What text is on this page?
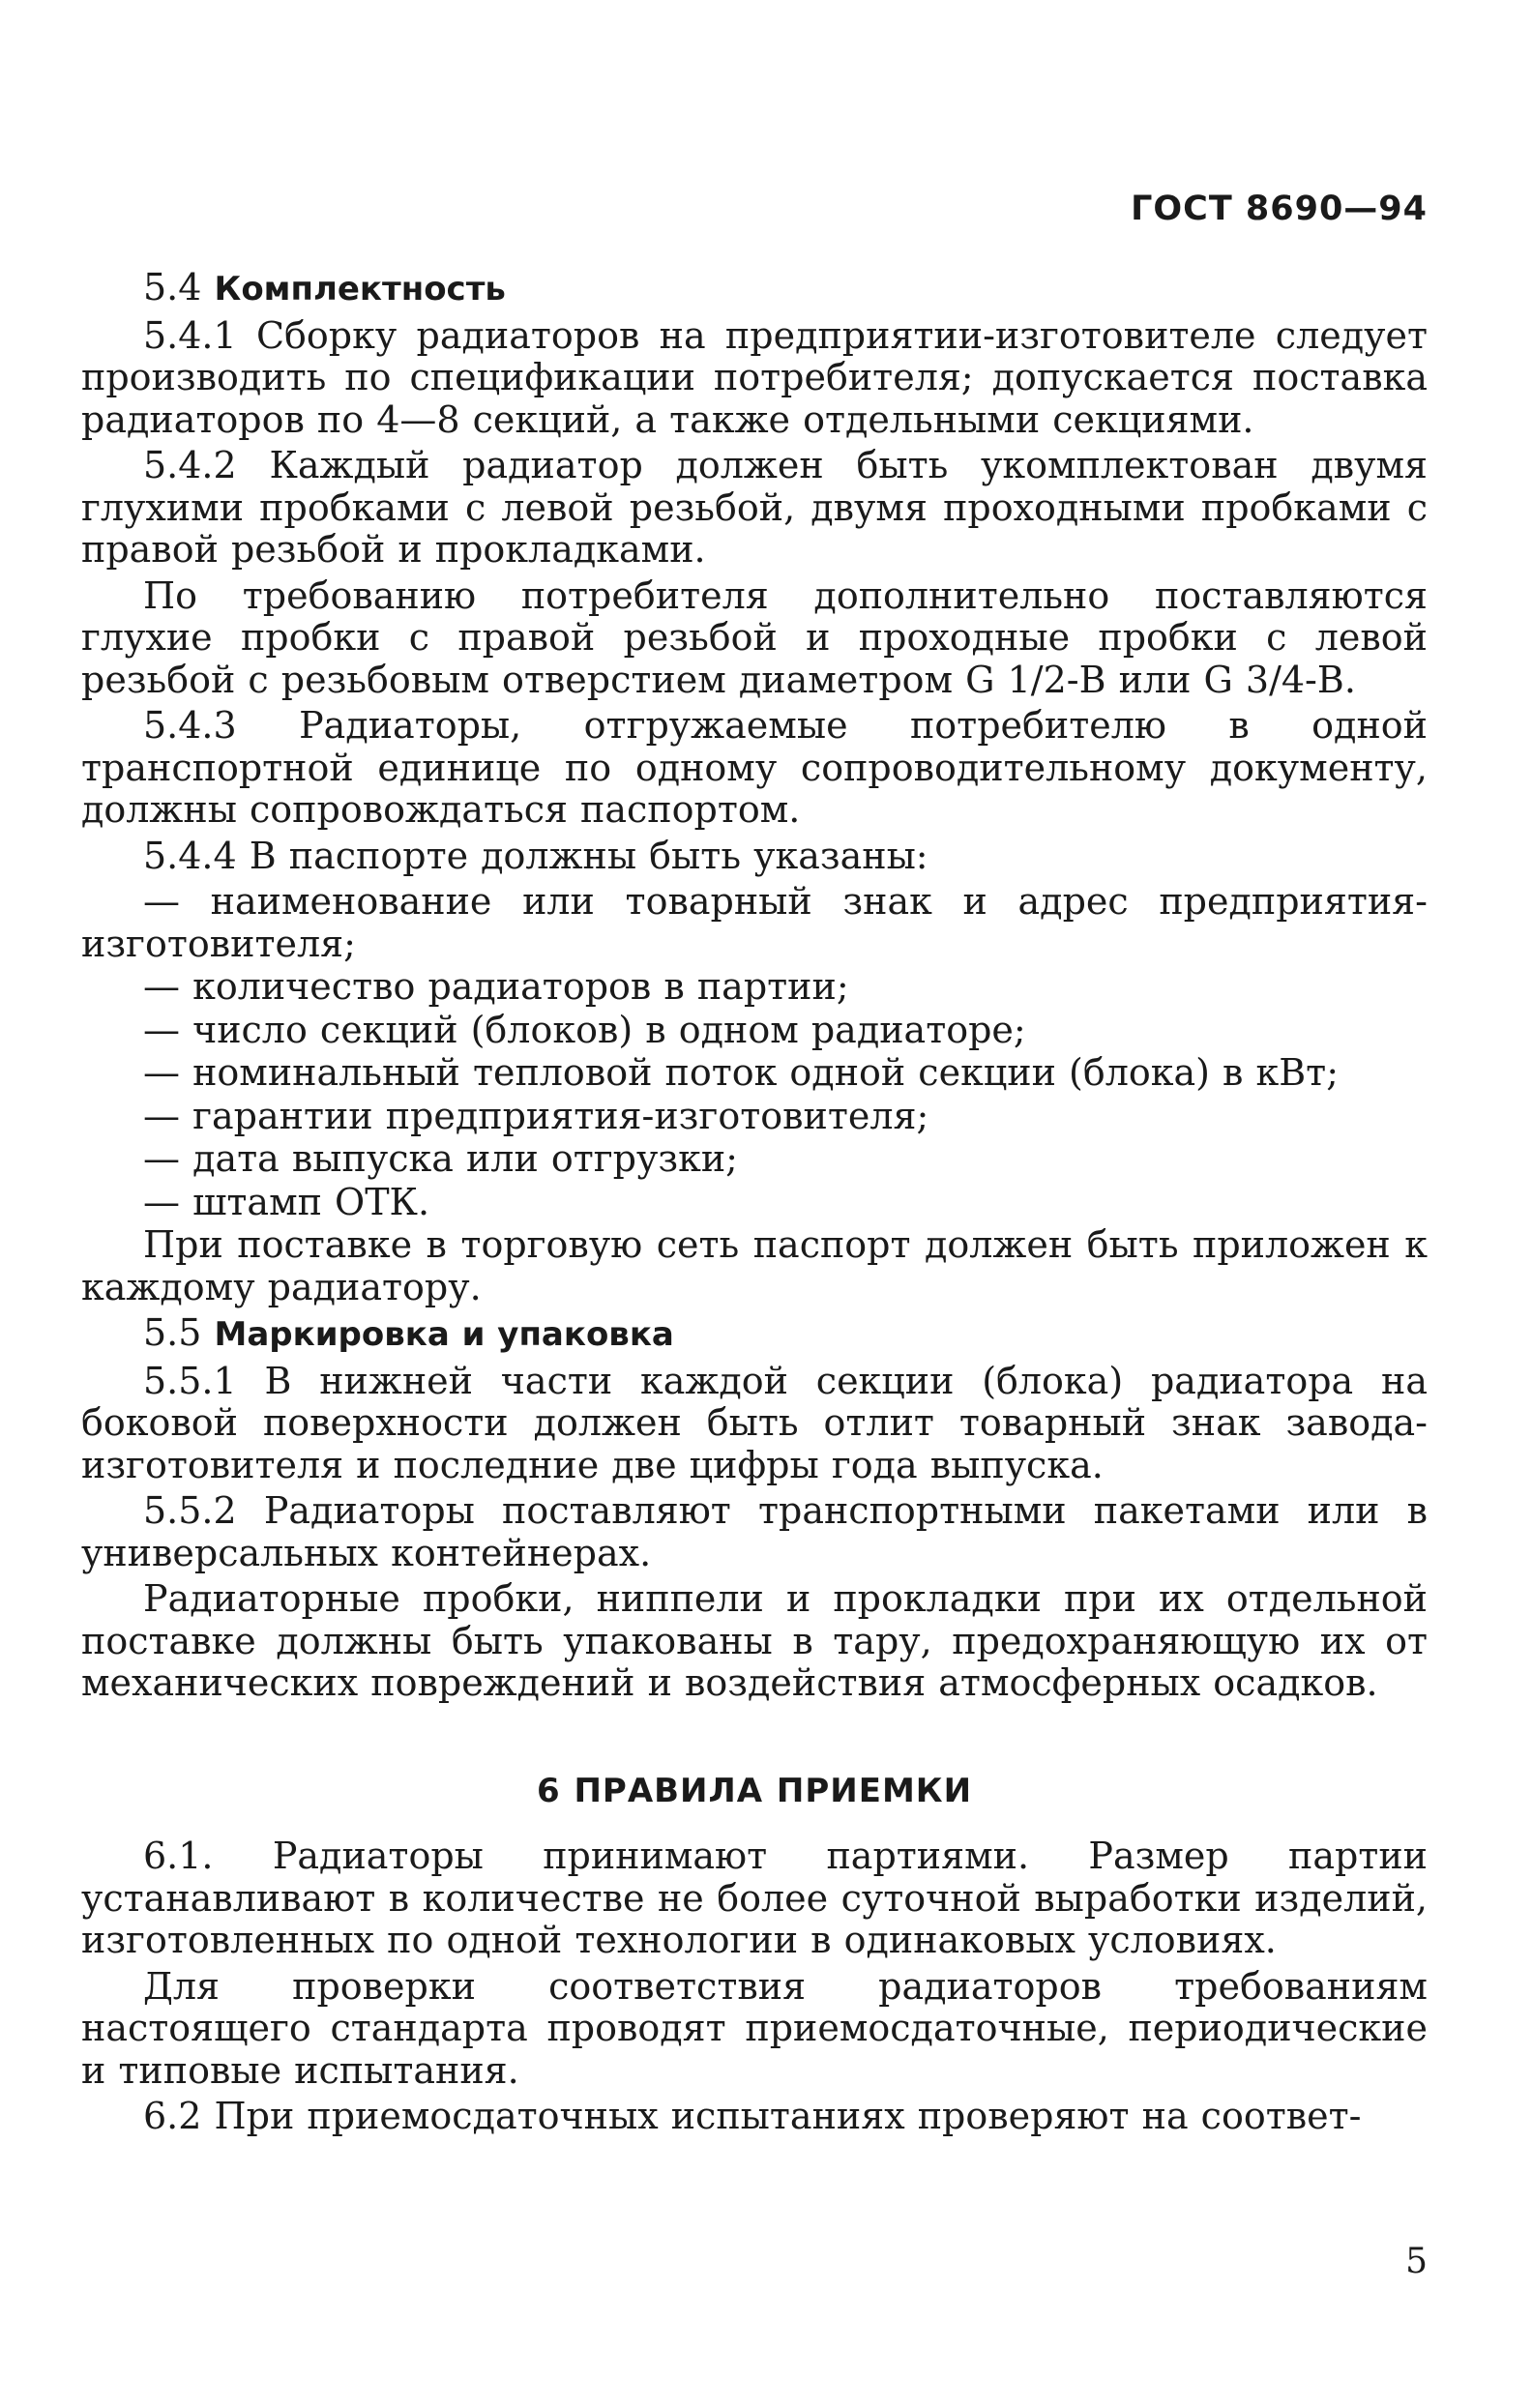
ГОСТ 8690—94
5.4 Комплектность

5.4.1 Сборку радиаторов на предприятии-изготовителе следует производить по спецификации потребителя; допускается поставка радиаторов по 4—8 секций, а также отдельными секциями.

5.4.2 Каждый радиатор должен быть укомплектован двумя глухими пробками с левой резьбой, двумя проходными пробками с правой резьбой и прокладками.

По требованию потребителя дополнительно поставляются глухие пробки с правой резьбой и проходные пробки с левой резьбой с резьбовым отверстием диаметром G 1/2-B или G 3/4-B.

5.4.3 Радиаторы, отгружаемые потребителю в одной транспортной единице по одному сопроводительному документу, должны сопровождаться паспортом.

5.4.4 В паспорте должны быть указаны:

— наименование или товарный знак и адрес предприятия-изготовителя;

— количество радиаторов в партии;

— число секций (блоков) в одном радиаторе;

— номинальный тепловой поток одной секции (блока) в кВт;

— гарантии предприятия-изготовителя;

— дата выпуска или отгрузки;

— штамп ОТК.

При поставке в торговую сеть паспорт должен быть приложен к каждому радиатору.

5.5 Маркировка и упаковка

5.5.1 В нижней части каждой секции (блока) радиатора на боковой поверхности должен быть отлит товарный знак завода-изготовителя и последние две цифры года выпуска.

5.5.2 Радиаторы поставляют транспортными пакетами или в универсальных контейнерах.

Радиаторные пробки, ниппели и прокладки при их отдельной поставке должны быть упакованы в тару, предохраняющую их от механических повреждений и воздействия атмосферных осадков.

6 ПРАВИЛА ПРИЕМКИ

6.1. Радиаторы принимают партиями. Размер партии устанавливают в количестве не более суточной выработки изделий, изготовленных по одной технологии в одинаковых условиях.

Для проверки соответствия радиаторов требованиям настоящего стандарта проводят приемосдаточные, периодические и типовые испытания.

6.2 При приемосдаточных испытаниях проверяют на соответ-

5
